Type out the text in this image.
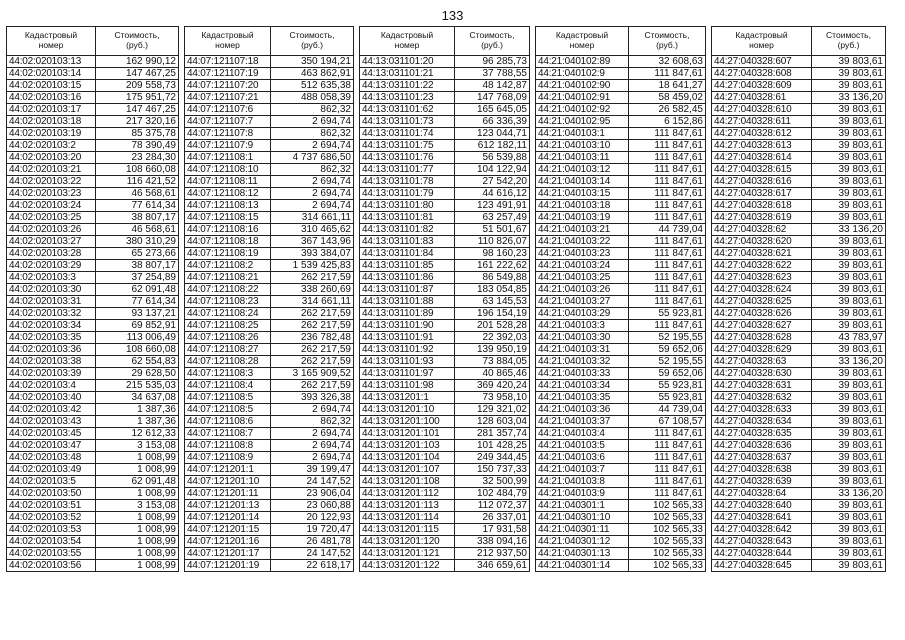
133
Кадастровый
номер	Стоимость,
(руб.)

44:02:020103:13	162 990,12
44:02:020103:14	147 467,25
44:02:020103:15	209 558,73
44:02:020103:16	175 951,72
44:02:020103:17	147 467,25
44:02:020103:18	217 320,16
44:02:020103:19	85 375,78
44:02:020103:2	78 390,49
44:02:020103:20	23 284,30
44:02:020103:21	108 660,08
44:02:020103:22	116 421,52
44:02:020103:23	46 568,61
44:02:020103:24	77 614,34
44:02:020103:25	38 807,17
44:02:020103:26	46 568,61
44:02:020103:27	380 310,29
44:02:020103:28	65 273,66
44:02:020103:29	38 807,17
44:02:020103:3	37 254,89
44:02:020103:30	62 091,48
44:02:020103:31	77 614,34
44:02:020103:32	93 137,21
44:02:020103:34	69 852,91
44:02:020103:35	113 006,49
44:02:020103:36	108 660,08
44:02:020103:38	62 554,83
44:02:020103:39	29 628,50
44:02:020103:4	215 535,03
44:02:020103:40	34 637,08
44:02:020103:42	1 387,36
44:02:020103:43	1 387,36
44:02:020103:45	12 612,33
44:02:020103:47	3 153,08
44:02:020103:48	1 008,99
44:02:020103:49	1 008,99
44:02:020103:5	62 091,48
44:02:020103:50	1 008,99
44:02:020103:51	3 153,08
44:02:020103:52	1 008,99
44:02:020103:53	1 008,99
44:02:020103:54	1 008,99
44:02:020103:55	1 008,99
44:02:020103:56	1 008,99
Кадастровый
номер	Стоимость,
(руб.)

44:07:121107:18	350 194,21
44:07:121107:19	463 862,91
44:07:121107:20	512 635,38
44:07:121107:21	488 058,39
44:07:121107:6	862,32
44:07:121107:7	2 694,74
44:07:121107:8	862,32
44:07:121107:9	2 694,74
44:07:121108:1	4 737 686,50
44:07:121108:10	862,32
44:07:121108:11	2 694,74
44:07:121108:12	2 694,74
44:07:121108:13	2 694,74
44:07:121108:15	314 661,11
44:07:121108:16	310 465,62
44:07:121108:18	367 143,96
44:07:121108:19	393 384,07
44:07:121108:2	1 539 425,83
44:07:121108:21	262 217,59
44:07:121108:22	338 260,69
44:07:121108:23	314 661,11
44:07:121108:24	262 217,59
44:07:121108:25	262 217,59
44:07:121108:26	236 782,48
44:07:121108:27	262 217,59
44:07:121108:28	262 217,59
44:07:121108:3	3 165 909,52
44:07:121108:4	262 217,59
44:07:121108:5	393 326,38
44:07:121108:5	2 694,74
44:07:121108:6	862,32
44:07:121108:7	2 694,74
44:07:121108:8	2 694,74
44:07:121108:9	2 694,74
44:07:121201:1	39 199,47
44:07:121201:10	24 147,52
44:07:121201:11	23 906,04
44:07:121201:13	23 060,88
44:07:121201:14	20 122,93
44:07:121201:15	19 720,47
44:07:121201:16	26 481,78
44:07:121201:17	24 147,52
44:07:121201:19	22 618,17
Кадастровый
номер	Стоимость,
(руб.)

44:13:031101:20	96 285,73
44:13:031101:21	37 788,55
44:13:031101:22	48 142,87
44:13:031101:23	147 768,09
44:13:031101:62	165 645,05
44:13:031101:73	66 336,39
44:13:031101:74	123 044,71
44:13:031101:75	612 182,11
44:13:031101:76	56 539,88
44:13:031101:77	104 122,94
44:13:031101:78	27 542,20
44:13:031101:79	44 616,12
44:13:031101:80	123 491,91
44:13:031101:81	63 257,49
44:13:031101:82	51 501,67
44:13:031101:83	110 826,07
44:13:031101:84	98 160,23
44:13:031101:85	161 222,62
44:13:031101:86	86 549,88
44:13:031101:87	183 054,85
44:13:031101:88	63 145,53
44:13:031101:89	196 154,19
44:13:031101:90	201 528,28
44:13:031101:91	22 392,03
44:13:031101:92	139 950,19
44:13:031101:93	73 884,05
44:13:031101:97	40 865,46
44:13:031101:98	369 420,24
44:13:031201:1	73 958,10
44:13:031201:10	129 321,02
44:13:031201:100	128 603,04
44:13:031201:101	281 357,74
44:13:031201:103	101 428,25
44:13:031201:104	249 344,45
44:13:031201:107	150 737,33
44:13:031201:108	32 500,99
44:13:031201:112	102 484,79
44:13:031201:113	112 072,37
44:13:031201:114	26 337,01
44:13:031201:115	17 931,58
44:13:031201:120	338 094,16
44:13:031201:121	212 937,50
44:13:031201:122	346 659,61
Кадастровый
номер	Стоимость,
(руб.)

44:21:040102:89	32 608,63
44:21:040102:9	111 847,61
44:21:040102:90	18 641,27
44:21:040102:91	58 459,02
44:21:040102:92	26 582,45
44:21:040102:95	6 152,86
44:21:040103:1	111 847,61
44:21:040103:10	111 847,61
44:21:040103:11	111 847,61
44:21:040103:12	111 847,61
44:21:040103:14	111 847,61
44:21:040103:15	111 847,61
44:21:040103:18	111 847,61
44:21:040103:19	111 847,61
44:21:040103:21	44 739,04
44:21:040103:22	111 847,61
44:21:040103:23	111 847,61
44:21:040103:24	111 847,61
44:21:040103:25	111 847,61
44:21:040103:26	111 847,61
44:21:040103:27	111 847,61
44:21:040103:29	55 923,81
44:21:040103:3	111 847,61
44:21:040103:30	52 195,55
44:21:040103:31	59 652,06
44:21:040103:32	52 195,55
44:21:040103:33	59 652,06
44:21:040103:34	55 923,81
44:21:040103:35	55 923,81
44:21:040103:36	44 739,04
44:21:040103:37	67 108,57
44:21:040103:4	111 847,61
44:21:040103:5	111 847,61
44:21:040103:6	111 847,61
44:21:040103:7	111 847,61
44:21:040103:8	111 847,61
44:21:040103:9	111 847,61
44:21:040301:1	102 565,33
44:21:040301:10	102 565,33
44:21:040301:11	102 565,33
44:21:040301:12	102 565,33
44:21:040301:13	102 565,33
44:21:040301:14	102 565,33
Кадастровый
номер	Стоимость,
(руб.)

44:27:040328:607	39 803,61
44:27:040328:608	39 803,61
44:27:040328:609	39 803,61
44:27:040328:61	33 136,20
44:27:040328:610	39 803,61
44:27:040328:611	39 803,61
44:27:040328:612	39 803,61
44:27:040328:613	39 803,61
44:27:040328:614	39 803,61
44:27:040328:615	39 803,61
44:27:040328:616	39 803,61
44:27:040328:617	39 803,61
44:27:040328:618	39 803,61
44:27:040328:619	39 803,61
44:27:040328:62	33 136,20
44:27:040328:620	39 803,61
44:27:040328:621	39 803,61
44:27:040328:622	39 803,61
44:27:040328:623	39 803,61
44:27:040328:624	39 803,61
44:27:040328:625	39 803,61
44:27:040328:626	39 803,61
44:27:040328:627	39 803,61
44:27:040328:628	43 783,97
44:27:040328:629	39 803,61
44:27:040328:63	33 136,20
44:27:040328:630	39 803,61
44:27:040328:631	39 803,61
44:27:040328:632	39 803,61
44:27:040328:633	39 803,61
44:27:040328:634	39 803,61
44:27:040328:635	39 803,61
44:27:040328:636	39 803,61
44:27:040328:637	39 803,61
44:27:040328:638	39 803,61
44:27:040328:639	39 803,61
44:27:040328:64	33 136,20
44:27:040328:640	39 803,61
44:27:040328:641	39 803,61
44:27:040328:642	39 803,61
44:27:040328:643	39 803,61
44:27:040328:644	39 803,61
44:27:040328:645	39 803,61
